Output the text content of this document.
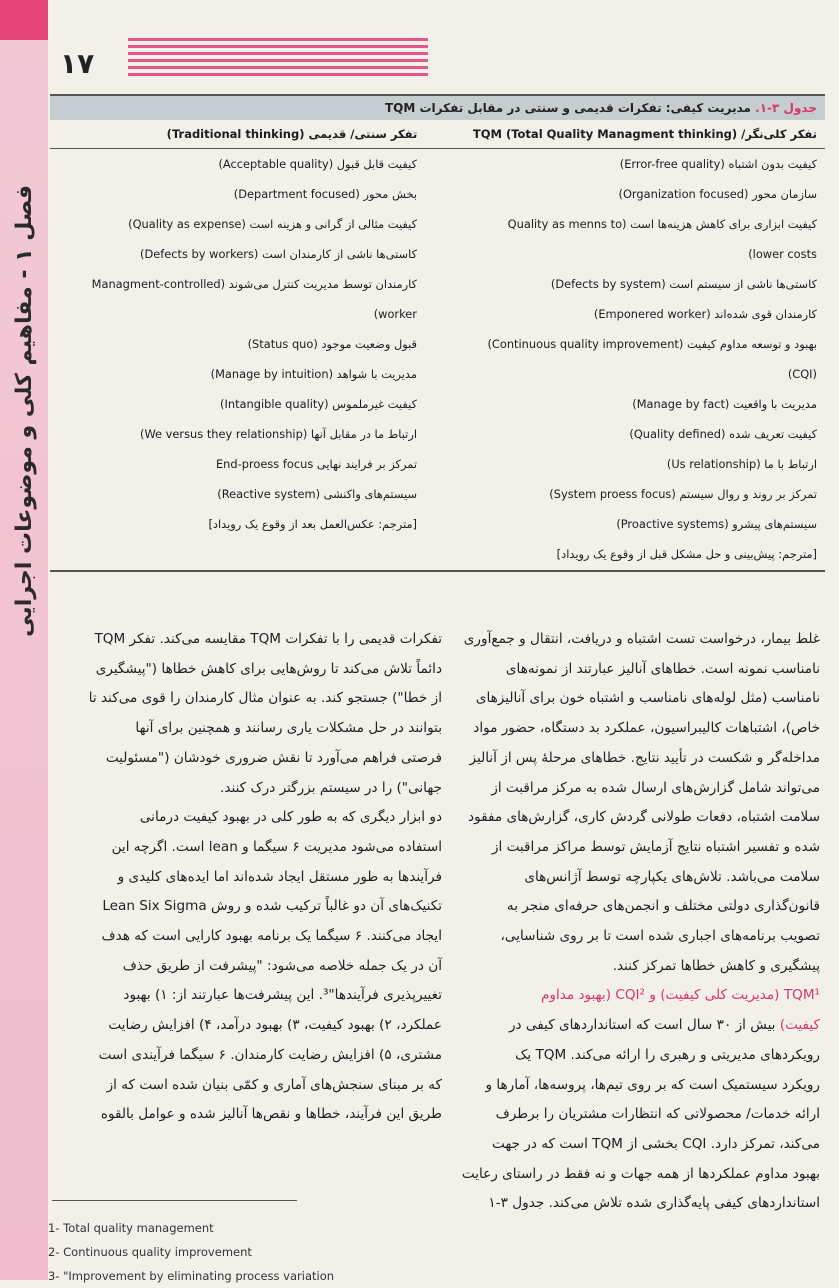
فصل ۱ - مفاهیم کلی و موضوعات اجرایی
۱۷
جدول ۳-۱. مدیریت کیفی: تفکرات قدیمی و سنتی در مقابل تفکرات TQM
تفکر سنتی/ قدیمی (Traditional thinking)	تفکر کلی‌نگر/ TQM (Total Quality Managment thinking)
کیفیت قابل قبول (Acceptable quality)
بخش محور (Department focused)
کیفیت مثالی از گرانی و هزینه است (Quality as expense)
کاستی‌ها ناشی از کارمندان است (Defects by workers)
کارمندان توسط مدیریت کنترل می‌شوند (Managment-controlled
worker)
قبول وضعیت موجود (Status quo)
مدیریت با شواهد (Manage by intuition)
کیفیت غیرملموس (Intangible quality)
ارتباط ما در مقابل آنها (We versus they relationship)
تمرکز بر فرایند نهایی End-proess focus
سیستم‌های واکنشی (Reactive system)
[مترجم: عکس‌العمل بعد از وقوع یک رویداد]
کیفیت بدون اشتباه (Error-free quality)
سازمان محور (Organization focused)
کیفیت ابزاری برای کاهش هزینه‌ها است (Quality as menns to
lower costs)
کاستی‌ها ناشی از سیستم است (Defects by system)
کارمندان قوی شده‌اند (Emponered worker)
بهبود و توسعه مداوم کیفیت (Continuous quality improvement)
(CQI)
مدیریت با واقعیت (Manage by fact)
کیفیت تعریف شده (Quality defined)
ارتباط با ما (Us relationship)
تمرکز بر روند و روال سیستم (System proess focus)
سیستم‌های پیشرو (Proactive systems)
[مترجم: پیش‌بینی و حل مشکل قبل از وقوع یک رویداد]
غلط بیمار، درخواست تست اشتباه و دریافت، انتقال و جمع‌آوری
نامناسب نمونه است. خطاهای آنالیز عبارتند از نمونه‌های
نامناسب (مثل لوله‌های نامناسب و اشتباه خون برای آنالیزهای
خاص)، اشتباهات کالیبراسیون، عملکرد بد دستگاه، حضور مواد
مداخله‌گر و شکست در تأیید نتایج. خطاهای مرحلهٔ پس از آنالیز
می‌تواند شامل گزارش‌های ارسال شده به مرکز مراقبت از
سلامت اشتباه، دفعات طولانی گردش کاری، گزارش‌های مفقود
شده و تفسیر اشتباه نتایج آزمایش توسط مراکز مراقبت از
سلامت می‌باشد. تلاش‌های یکپارچه توسط آژانس‌های
قانون‌گذاری دولتی مختلف و انجمن‌های حرفه‌ای منجر به
تصویب برنامه‌های اجباری شده است تا بر روی شناسایی،
پیشگیری و کاهش خطاها تمرکز کنند.
TQM¹ (مدیریت کلی کیفیت) و CQI² (بهبود مداوم
کیفیت) بیش از ۳۰ سال است که استانداردهای کیفی در
رویکردهای مدیریتی و رهبری را ارائه می‌کند. TQM یک
رویکرد سیستمیک است که بر روی تیم‌ها، پروسه‌ها، آمارها و
ارائه خدمات/ محصولاتی که انتظارات مشتریان را برطرف
می‌کند، تمرکز دارد. CQI بخشی از TQM است که در جهت
بهبود مداوم عملکردها از همه جهات و نه فقط در راستای رعایت
استانداردهای کیفی پایه‌گذاری شده تلاش می‌کند. جدول ۳-۱
تفکرات قدیمی را با تفکرات TQM مقایسه می‌کند. تفکر TQM
دائماً تلاش می‌کند تا روش‌هایی برای کاهش خطاها ("پیشگیری
از خطا") جستجو کند. به عنوان مثال کارمندان را قوی می‌کند تا
بتوانند در حل مشکلات یاری رسانند و همچنین برای آنها
فرصتی فراهم می‌آورد تا نقش ضروری خودشان ("مسئولیت
جهانی") را در سیستم بزرگتر درک کنند.
دو ابزار دیگری که به طور کلی در بهبود کیفیت درمانی
استفاده می‌شود مدیریت ۶ سیگما و lean است. اگرچه این
فرآیندها به طور مستقل ایجاد شده‌اند اما ایده‌های کلیدی و
تکنیک‌های آن دو غالباً ترکیب شده و روش Lean Six Sigma
ایجاد می‌کنند. ۶ سیگما یک برنامه بهبود کارایی است که هدف
آن در یک جمله خلاصه می‌شود: "پیشرفت از طریق حذف
تغییرپذیری فرآیندها"³. این پیشرفت‌ها عبارتند از: ۱) بهبود
عملکرد، ۲) بهبود کیفیت، ۳) بهبود درآمد، ۴) افزایش رضایت
مشتری، ۵) افزایش رضایت کارمندان. ۶ سیگما فرآیندی است
که بر مبنای سنجش‌های آماری و کمّی بنیان شده است که از
طریق این فرآیند، خطاها و نقص‌ها آنالیز شده و عوامل بالقوه
1- Total quality management
2- Continuous quality improvement
3- "Improvement by eliminating process variation
